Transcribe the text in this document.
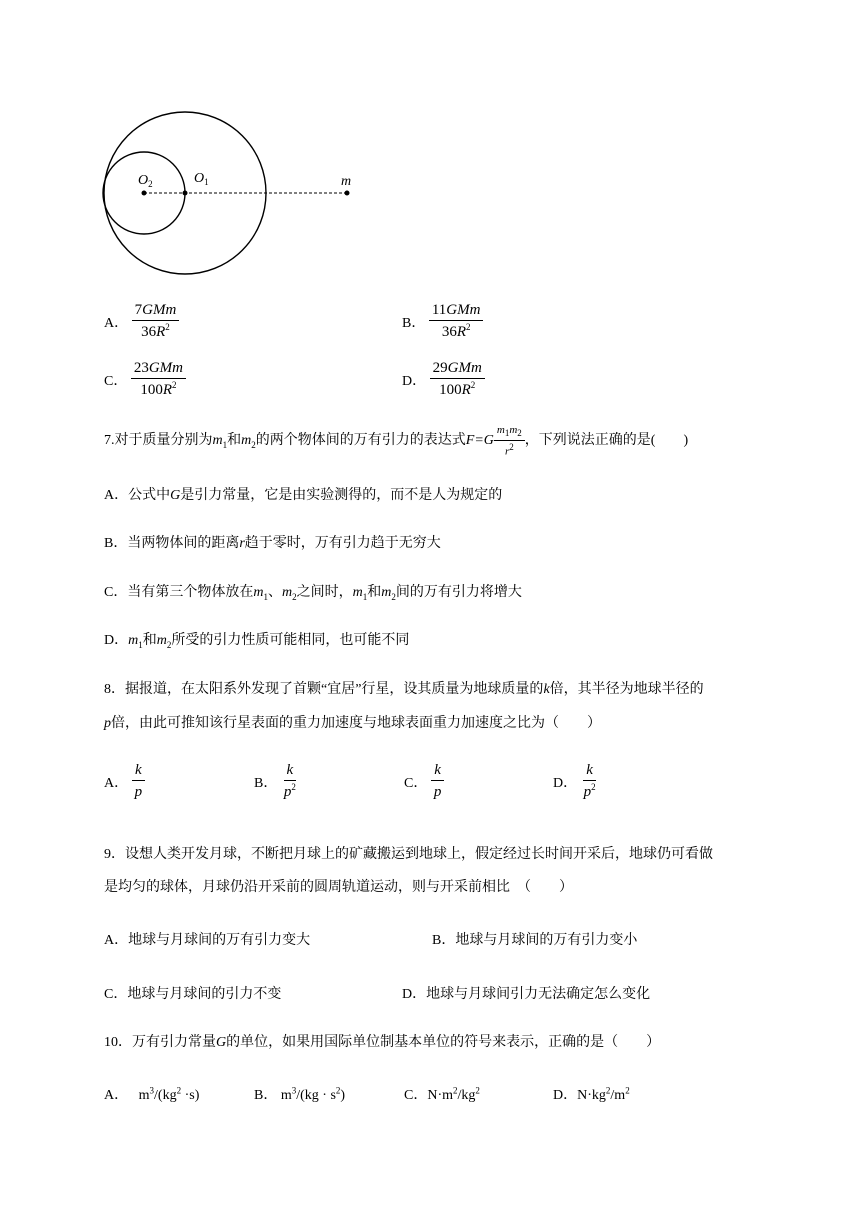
$O_2$	$O_1$	m
A． $\frac{\text{7GMm}}{36R^2}$	B． $\frac{\text{11GMm}}{36R^2}$
C． $\frac{\text{23GMm}}{100R^2}$	D． $\frac{\text{29GMm}}{100R^2}$
7.对于质量分别为$m_1$和$m_2$的两个物体间的万有引力的表达式$F=G \frac{m_1m_2}{r^2}$ ，下列说法正确的是(　　)
A．公式中G是引力常量，它是由实验测得的，而不是人为规定的
B．当两物体间的距离r趋于零时，万有引力趋于无穷大
C．当有第三个物体放在$m_1$、$m_2$之间时，$m_1$和$m_2$间的万有引力将增大
D．$m_1$和$m_2$所受的引力性质可能相同，也可能不同
8．据报道，在太阳系外发现了首颗“宜居”行星，设其质量为地球质量的k倍，其半径为地球半径的
p倍，由此可推知该行星表面的重力加速度与地球表面重力加速度之比为（　　）
A． $\frac{k}{p}$	B． $\frac{k}{p^2}$	C． $\frac{k}{p}$	D． $\frac{k}{p^2}$
9．设想人类开发月球，不断把月球上的矿藏搬运到地球上，假定经过长时间开采后，地球仍可看做
是均匀的球体，月球仍沿开采前的圆周轨道运动，则与开采前相比　（　　）
A．地球与月球间的万有引力变大	B．地球与月球间的万有引力变小
C．地球与月球间的引力不变	D．地球与月球间引力无法确定怎么变化
10．万有引力常量G的单位，如果用国际单位制基本单位的符号来表示，正确的是（　　）
A． $m^3/(kg^2 \cdot s)$	B． $m^3/(kg \cdot s^2)$	C．$N\cdot m^2/kg^2$	D．$N\cdot kg^2/m^2$
